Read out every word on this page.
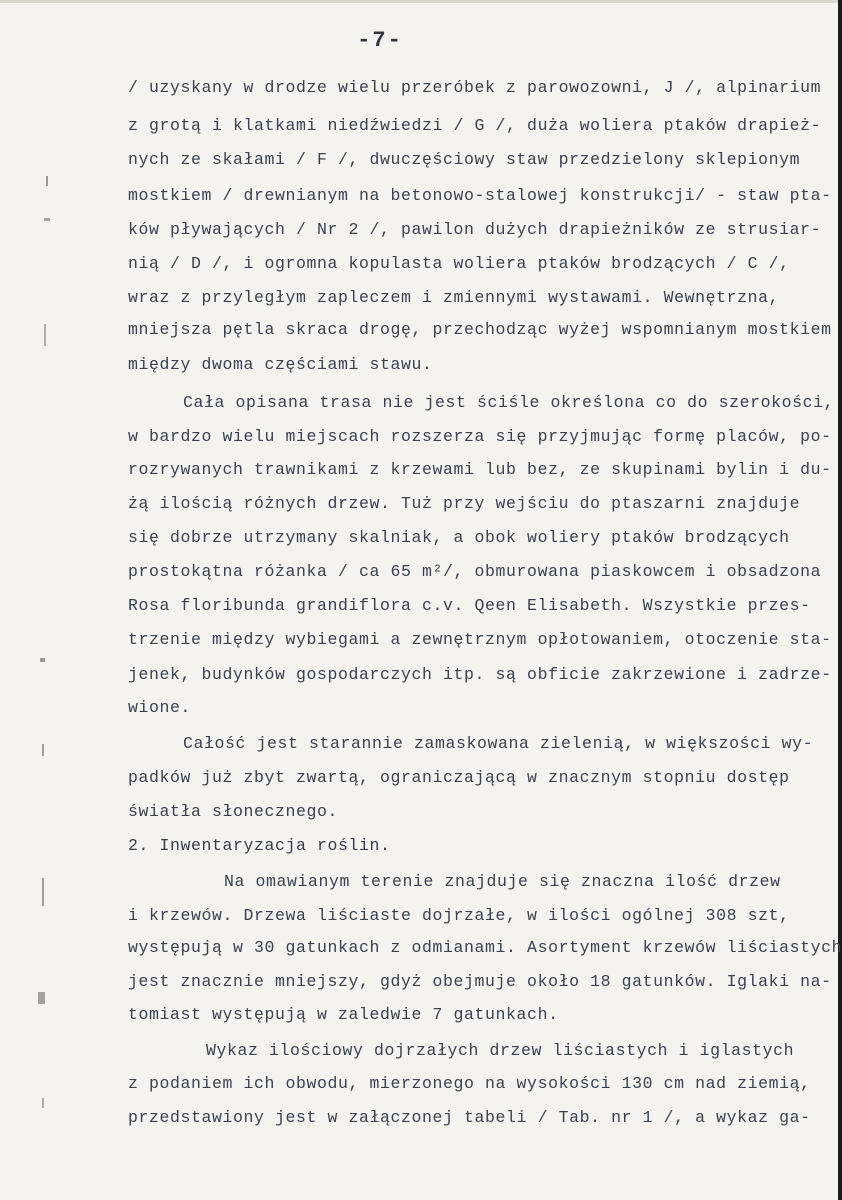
-7-
/ uzyskany w drodze wielu przeróbek z parowozowni, J /, alpinarium
z grotą i klatkami niedźwiedzi / G /, duża woliera ptaków drapież-
nych ze skałami / F /, dwuczęściowy staw przedzielony sklepionym
mostkiem / drewnianym na betonowo-stalowej konstrukcji/ - staw pta-
ków pływających / Nr 2 /, pawilon dużych drapieżników ze strusiar-
nią / D /, i ogromna kopulasta woliera ptaków brodzących / C /,
wraz z przyległym zapleczem i zmiennymi wystawami. Wewnętrzna,
mniejsza pętla skraca drogę, przechodząc wyżej wspomnianym mostkiem
między dwoma częściami stawu.
Cała opisana trasa nie jest ściśle określona co do szerokości,
w bardzo wielu miejscach rozszerza się przyjmując formę placów, po-
rozrywanych trawnikami z krzewami lub bez, ze skupinami bylin i du-
żą ilością różnych drzew. Tuż przy wejściu do ptaszarni znajduje
się dobrze utrzymany skalniak, a obok woliery ptaków brodzących
prostokątna różanka / ca 65 m²/, obmurowana piaskowcem i obsadzona
Rosa floribunda grandiflora c.v. Qeen Elisabeth. Wszystkie przes-
trzenie między wybiegami a zewnętrznym opłotowaniem, otoczenie sta-
jenek, budynków gospodarczych itp. są obficie zakrzewione i zadrze-
wione.
Całość jest starannie zamaskowana zielenią, w większości wy-
padków już zbyt zwartą, ograniczającą w znacznym stopniu dostęp
światła słonecznego.
2. Inwentaryzacja roślin.
Na omawianym terenie znajduje się znaczna ilość drzew
i krzewów. Drzewa liściaste dojrzałe, w ilości ogólnej 308 szt,
występują w 30 gatunkach z odmianami. Asortyment krzewów liściastych
jest znacznie mniejszy, gdyż obejmuje około 18 gatunków. Iglaki na-
tomiast występują w zaledwie 7 gatunkach.
Wykaz ilościowy dojrzałych drzew liściastych i iglastych
z podaniem ich obwodu, mierzonego na wysokości 130 cm nad ziemią,
przedstawiony jest w załączonej tabeli / Tab. nr 1 /, a wykaz ga-
